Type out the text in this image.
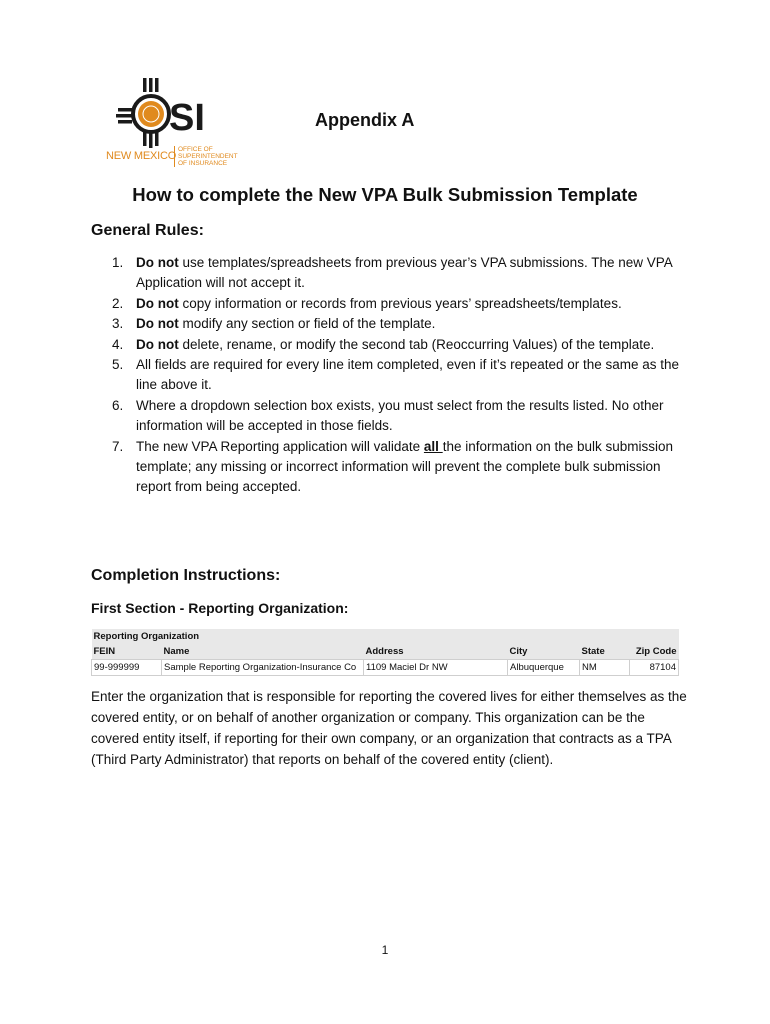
SI
NEW MEXICO
OFFICE OF SUPERINTENDENT OF INSURANCE
Appendix A
How to complete the New VPA Bulk Submission Template
General Rules:
1. Do not use templates/spreadsheets from previous year’s VPA submissions. The new VPA Application will not accept it.
2. Do not copy information or records from previous years’ spreadsheets/templates.
3. Do not modify any section or field of the template.
4. Do not delete, rename, or modify the second tab (Reoccurring Values) of the template.
5. All fields are required for every line item completed, even if it’s repeated or the same as the line above it.
6. Where a dropdown selection box exists, you must select from the results listed. No other information will be accepted in those fields.
7. The new VPA Reporting application will validate all the information on the bulk submission template; any missing or incorrect information will prevent the complete bulk submission report from being accepted.
Completion Instructions:
First Section - Reporting Organization:
Reporting Organization					
FEIN	Name	Address	City	State	Zip Code
99-999999	Sample Reporting Organization-Insurance Co	1109 Maciel Dr NW	Albuquerque	NM	87104
Enter the organization that is responsible for reporting the covered lives for either themselves as the covered entity, or on behalf of another organization or company. This organization can be the covered entity itself, if reporting for their own company, or an organization that contracts as a TPA (Third Party Administrator) that reports on behalf of the covered entity (client).
1
